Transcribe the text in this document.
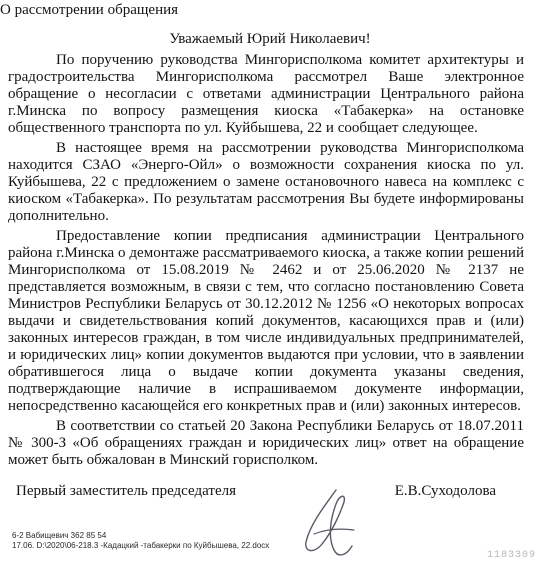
О рассмотрении обращения
Уважаемый Юрий Николаевич!

По поручению руководства Мингорисполкома комитет архитектуры и градостроительства Мингорисполкома рассмотрел Ваше электронное обращение о несогласии с ответами администрации Центрального района г.Минска по вопросу размещения киоска «Табакерка» на остановке общественного транспорта по ул. Куйбышева, 22 и сообщает следующее.

В настоящее время на рассмотрении руководства Мингорисполкома находится СЗАО «Энерго-Ойл» о возможности сохранения киоска по ул. Куйбышева, 22 с предложением о замене остановочного навеса на комплекс с киоском «Табакерка». По результатам рассмотрения Вы будете информированы дополнительно.

Предоставление копии предписания администрации Центрального района г.Минска о демонтаже рассматриваемого киоска, а также копии решений Мингорисполкома от 15.08.2019 № 2462 и от 25.06.2020 № 2137 не представляется возможным, в связи с тем, что согласно постановлению Совета Министров Республики Беларусь от 30.12.2012 № 1256 «О некоторых вопросах выдачи и свидетельствования копий документов, касающихся прав и (или) законных интересов граждан, в том числе индивидуальных предпринимателей, и юридических лиц» копии документов выдаются при условии, что в заявлении обратившегося лица о выдаче копии документа указаны сведения, подтверждающие наличие в испрашиваемом документе информации, непосредственно касающейся его конкретных прав и (или) законных интересов.

В соответствии со статьей 20 Закона Республики Беларусь от 18.07.2011 № 300-З «Об обращениях граждан и юридических лиц» ответ на обращение может быть обжалован в Минский горисполком.

Первый заместитель председателя	Е.В.Суходолова
6-2 Вабищевич 362 85 54
17.06. D:\2020\06-218.3 -Кадацкий -табакерки по Куйбышева, 22.docx
1183309
